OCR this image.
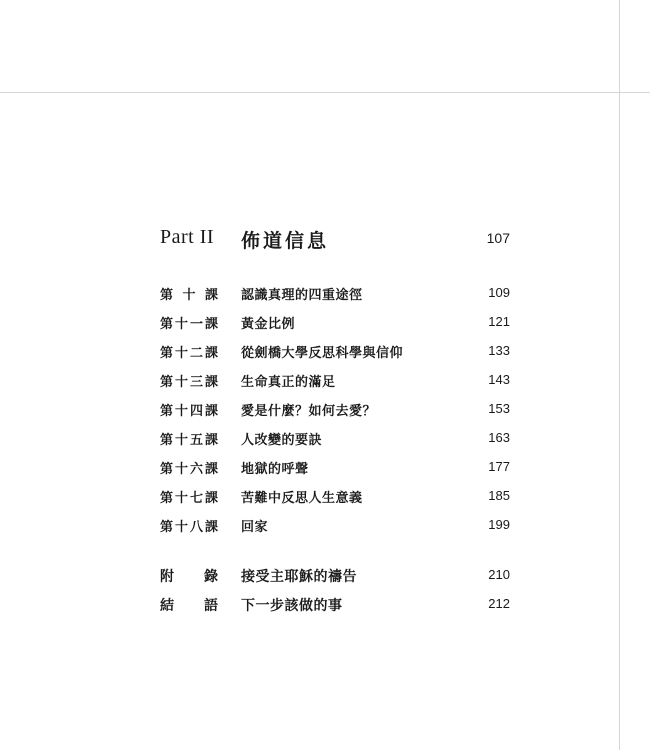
Part II 佈道信息	107
第 十 課 認識真理的四重途徑	109
第 十 一 課 黃金比例	121
第 十 二 課 從劍橋大學反思科學與信仰	133
第 十 三 課 生命真正的滿足	143
第 十 四 課 愛是什麼？如何去愛？	153
第 十 五 課 人改變的要訣	163
第 十 六 課 地獄的呼聲	177
第 十 七 課 苦難中反思人生意義	185
第 十 八 課 回家	199
附 錄 接受主耶穌的禱告	210
結 語 下一步該做的事	212
